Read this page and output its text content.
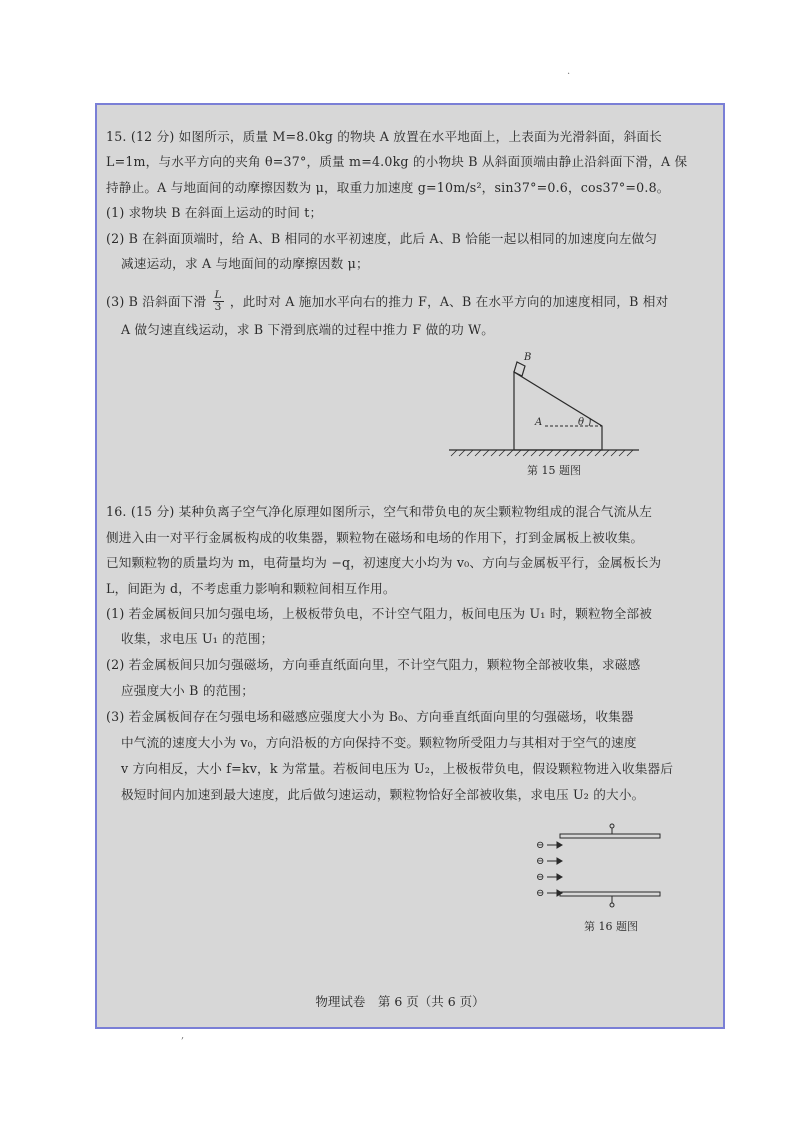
.
,
15. (12 分) 如图所示，质量 M=8.0kg 的物块 A 放置在水平地面上，上表面为光滑斜面，斜面长
L=1m，与水平方向的夹角 θ=37°，质量 m=4.0kg 的小物块 B 从斜面顶端由静止沿斜面下滑，A 保
持静止。A 与地面间的动摩擦因数为 μ，取重力加速度 g=10m/s²，sin37°=0.6，cos37°=0.8。
(1) 求物块 B 在斜面上运动的时间 t；
(2) B 在斜面顶端时，给 A、B 相同的水平初速度，此后 A、B 恰能一起以相同的加速度向左做匀
减速运动，求 A 与地面间的动摩擦因数 μ；
(3) B 沿斜面下滑 $\frac{L}{3}$ ，此时对 A 施加水平向右的推力 F，A、B 在水平方向的加速度相同，B 相对
A 做匀速直线运动，求 B 下滑到底端的过程中推力 F 做的功 W。
B
A	θ
第 15 题图
16. (15 分) 某种负离子空气净化原理如图所示，空气和带负电的灰尘颗粒物组成的混合气流从左
侧进入由一对平行金属板构成的收集器，颗粒物在磁场和电场的作用下，打到金属板上被收集。
已知颗粒物的质量均为 m，电荷量均为 −q，初速度大小均为 v₀、方向与金属板平行，金属板长为
L，间距为 d，不考虑重力影响和颗粒间相互作用。
(1) 若金属板间只加匀强电场，上极板带负电，不计空气阻力，板间电压为 U₁ 时，颗粒物全部被
收集，求电压 U₁ 的范围；
(2) 若金属板间只加匀强磁场，方向垂直纸面向里，不计空气阻力，颗粒物全部被收集，求磁感
应强度大小 B 的范围；
(3) 若金属板间存在匀强电场和磁感应强度大小为 B₀、方向垂直纸面向里的匀强磁场，收集器
中气流的速度大小为 v₀，方向沿板的方向保持不变。颗粒物所受阻力与其相对于空气的速度
v 方向相反，大小 f=kv，k 为常量。若板间电压为 U₂，上极板带负电，假设颗粒物进入收集器后
极短时间内加速到最大速度，此后做匀速运动，颗粒物恰好全部被收集，求电压 U₂ 的大小。
⊖
⊖
⊖
⊖
第 16 题图
物理试卷　第 6 页（共 6 页）
